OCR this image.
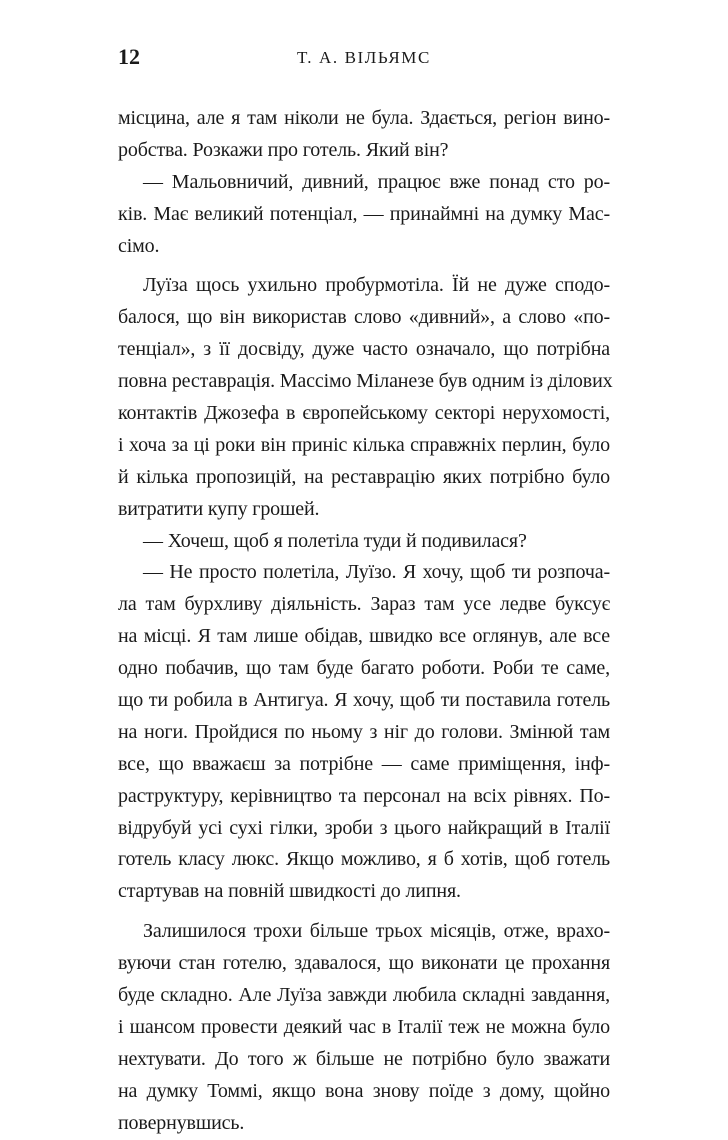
12	Т. А. ВІЛЬЯМС
місцина, але я там ніколи не була. Здається, регіон вино-
робства. Розкажи про готель. Який він?
— Мальовничий, дивний, працює вже понад сто ро-
ків. Має великий потенціал, — принаймні на думку Мас-
сімо.
Луїза щось ухильно пробурмотіла. Їй не дуже сподо-
балося, що він використав слово «дивний», а слово «по-
тенціал», з її досвіду, дуже часто означало, що потрібна
повна реставрація. Массімо Міланезе був одним із ділових
контактів Джозефа в європейському секторі нерухомості,
і хоча за ці роки він приніс кілька справжніх перлин, було
й кілька пропозицій, на реставрацію яких потрібно було
витратити купу грошей.
— Хочеш, щоб я полетіла туди й подивилася?
— Не просто полетіла, Луїзо. Я хочу, щоб ти розпоча-
ла там бурхливу діяльність. Зараз там усе ледве буксує
на місці. Я там лише обідав, швидко все оглянув, але все
одно побачив, що там буде багато роботи. Роби те саме,
що ти робила в Антигуа. Я хочу, щоб ти поставила готель
на ноги. Пройдися по ньому з ніг до голови. Змінюй там
все, що вважаєш за потрібне — саме приміщення, інф-
раструктуру, керівництво та персонал на всіх рівнях. По-
відрубуй усі сухі гілки, зроби з цього найкращий в Італії
готель класу люкс. Якщо можливо, я б хотів, щоб готель
стартував на повній швидкості до липня.
Залишилося трохи більше трьох місяців, отже, врахо-
вуючи стан готелю, здавалося, що виконати це прохання
буде складно. Але Луїза завжди любила складні завдання,
і шансом провести деякий час в Італії теж не можна було
нехтувати. До того ж більше не потрібно було зважати
на думку Томмі, якщо вона знову поїде з дому, щойно
повернувшись.
